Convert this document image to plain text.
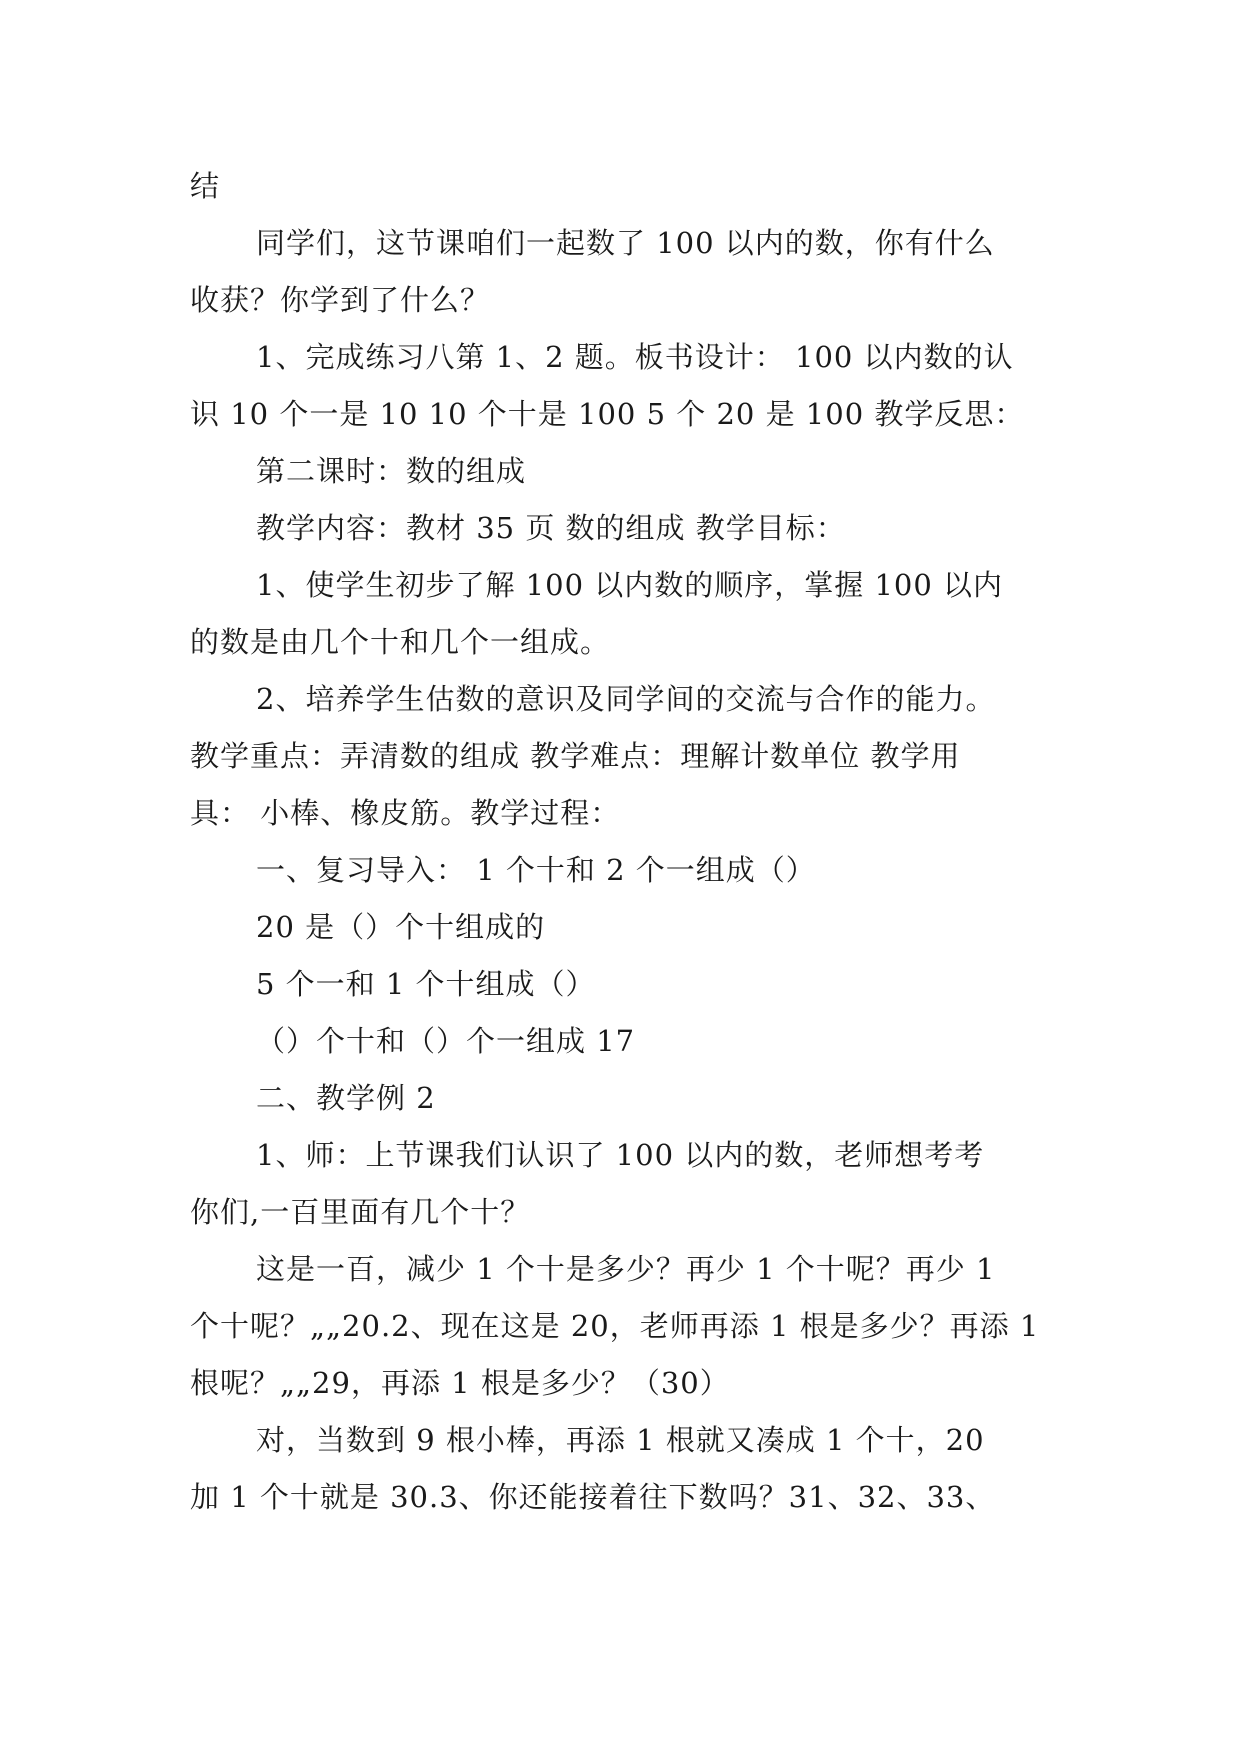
结
同学们，这节课咱们一起数了 100 以内的数，你有什么
收获？你学到了什么？
1、完成练习八第 1、2 题。板书设计： 100 以内数的认
识 10 个一是 10 10 个十是 100 5 个 20 是 100 教学反思：
第二课时：数的组成
教学内容：教材 35 页 数的组成 教学目标：
1、使学生初步了解 100 以内数的顺序，掌握 100 以内
的数是由几个十和几个一组成。
2、培养学生估数的意识及同学间的交流与合作的能力。
教学重点：弄清数的组成 教学难点：理解计数单位 教学用
具： 小棒、橡皮筋。教学过程：
一、复习导入： 1 个十和 2 个一组成（）
20 是（）个十组成的
5 个一和 1 个十组成（）
（）个十和（）个一组成 17
二、教学例 2
1、师：上节课我们认识了 100 以内的数，老师想考考
你们,一百里面有几个十？
这是一百，减少 1 个十是多少？再少 1 个十呢？再少 1
个十呢？„„20.2、现在这是 20，老师再添 1 根是多少？再添 1
根呢？„„29，再添 1 根是多少？（30）
对，当数到 9 根小棒，再添 1 根就又凑成 1 个十，20
加 1 个十就是 30.3、你还能接着往下数吗？31、32、33、
